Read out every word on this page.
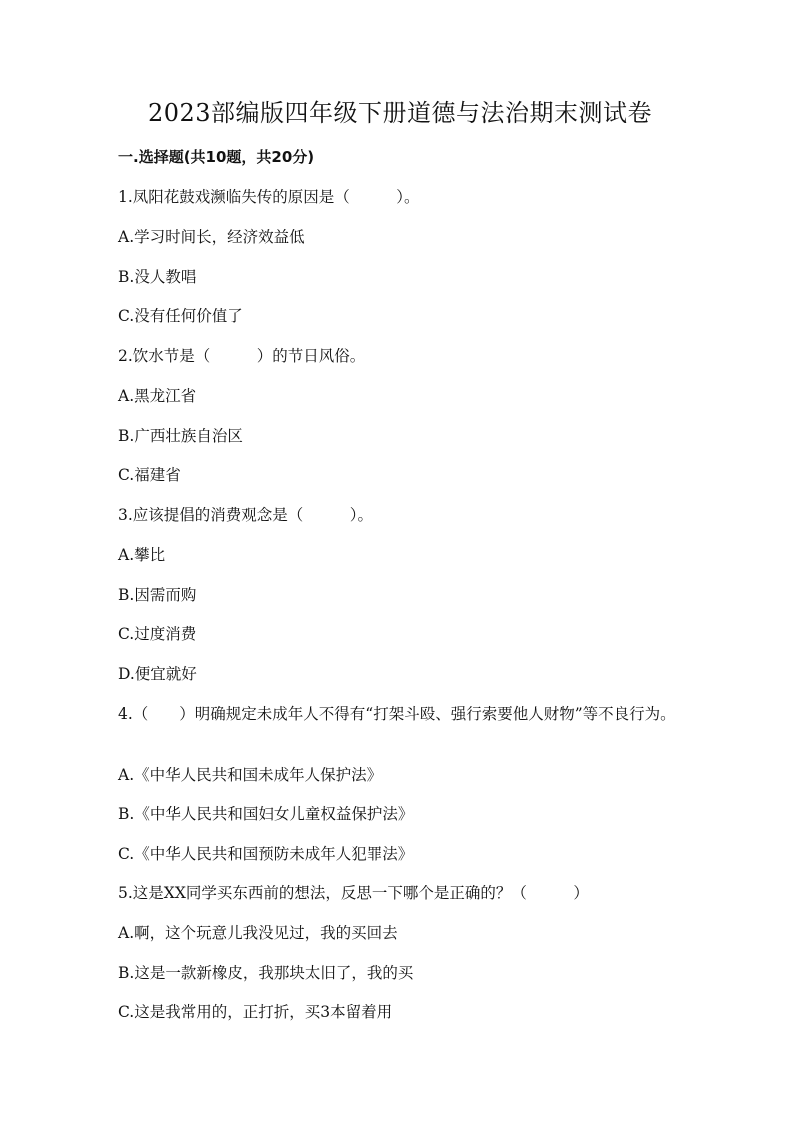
2023部编版四年级下册道德与法治期末测试卷
一.选择题(共10题，共20分)
1.凤阳花鼓戏濒临失传的原因是（　　　）。
A.学习时间长，经济效益低
B.没人教唱
C.没有任何价值了
2.饮水节是（　　　）的节日风俗。
A.黑龙江省
B.广西壮族自治区
C.福建省
3.应该提倡的消费观念是（　　　）。
A.攀比
B.因需而购
C.过度消费
D.便宜就好
4.（　　）明确规定未成年人不得有“打架斗殴、强行索要他人财物”等不良行为。
A.《中华人民共和国未成年人保护法》
B.《中华人民共和国妇女儿童权益保护法》
C.《中华人民共和国预防未成年人犯罪法》
5.这是XX同学买东西前的想法，反思一下哪个是正确的？（　　　）
A.啊，这个玩意儿我没见过，我的买回去
B.这是一款新橡皮，我那块太旧了，我的买
C.这是我常用的，正打折，买3本留着用
